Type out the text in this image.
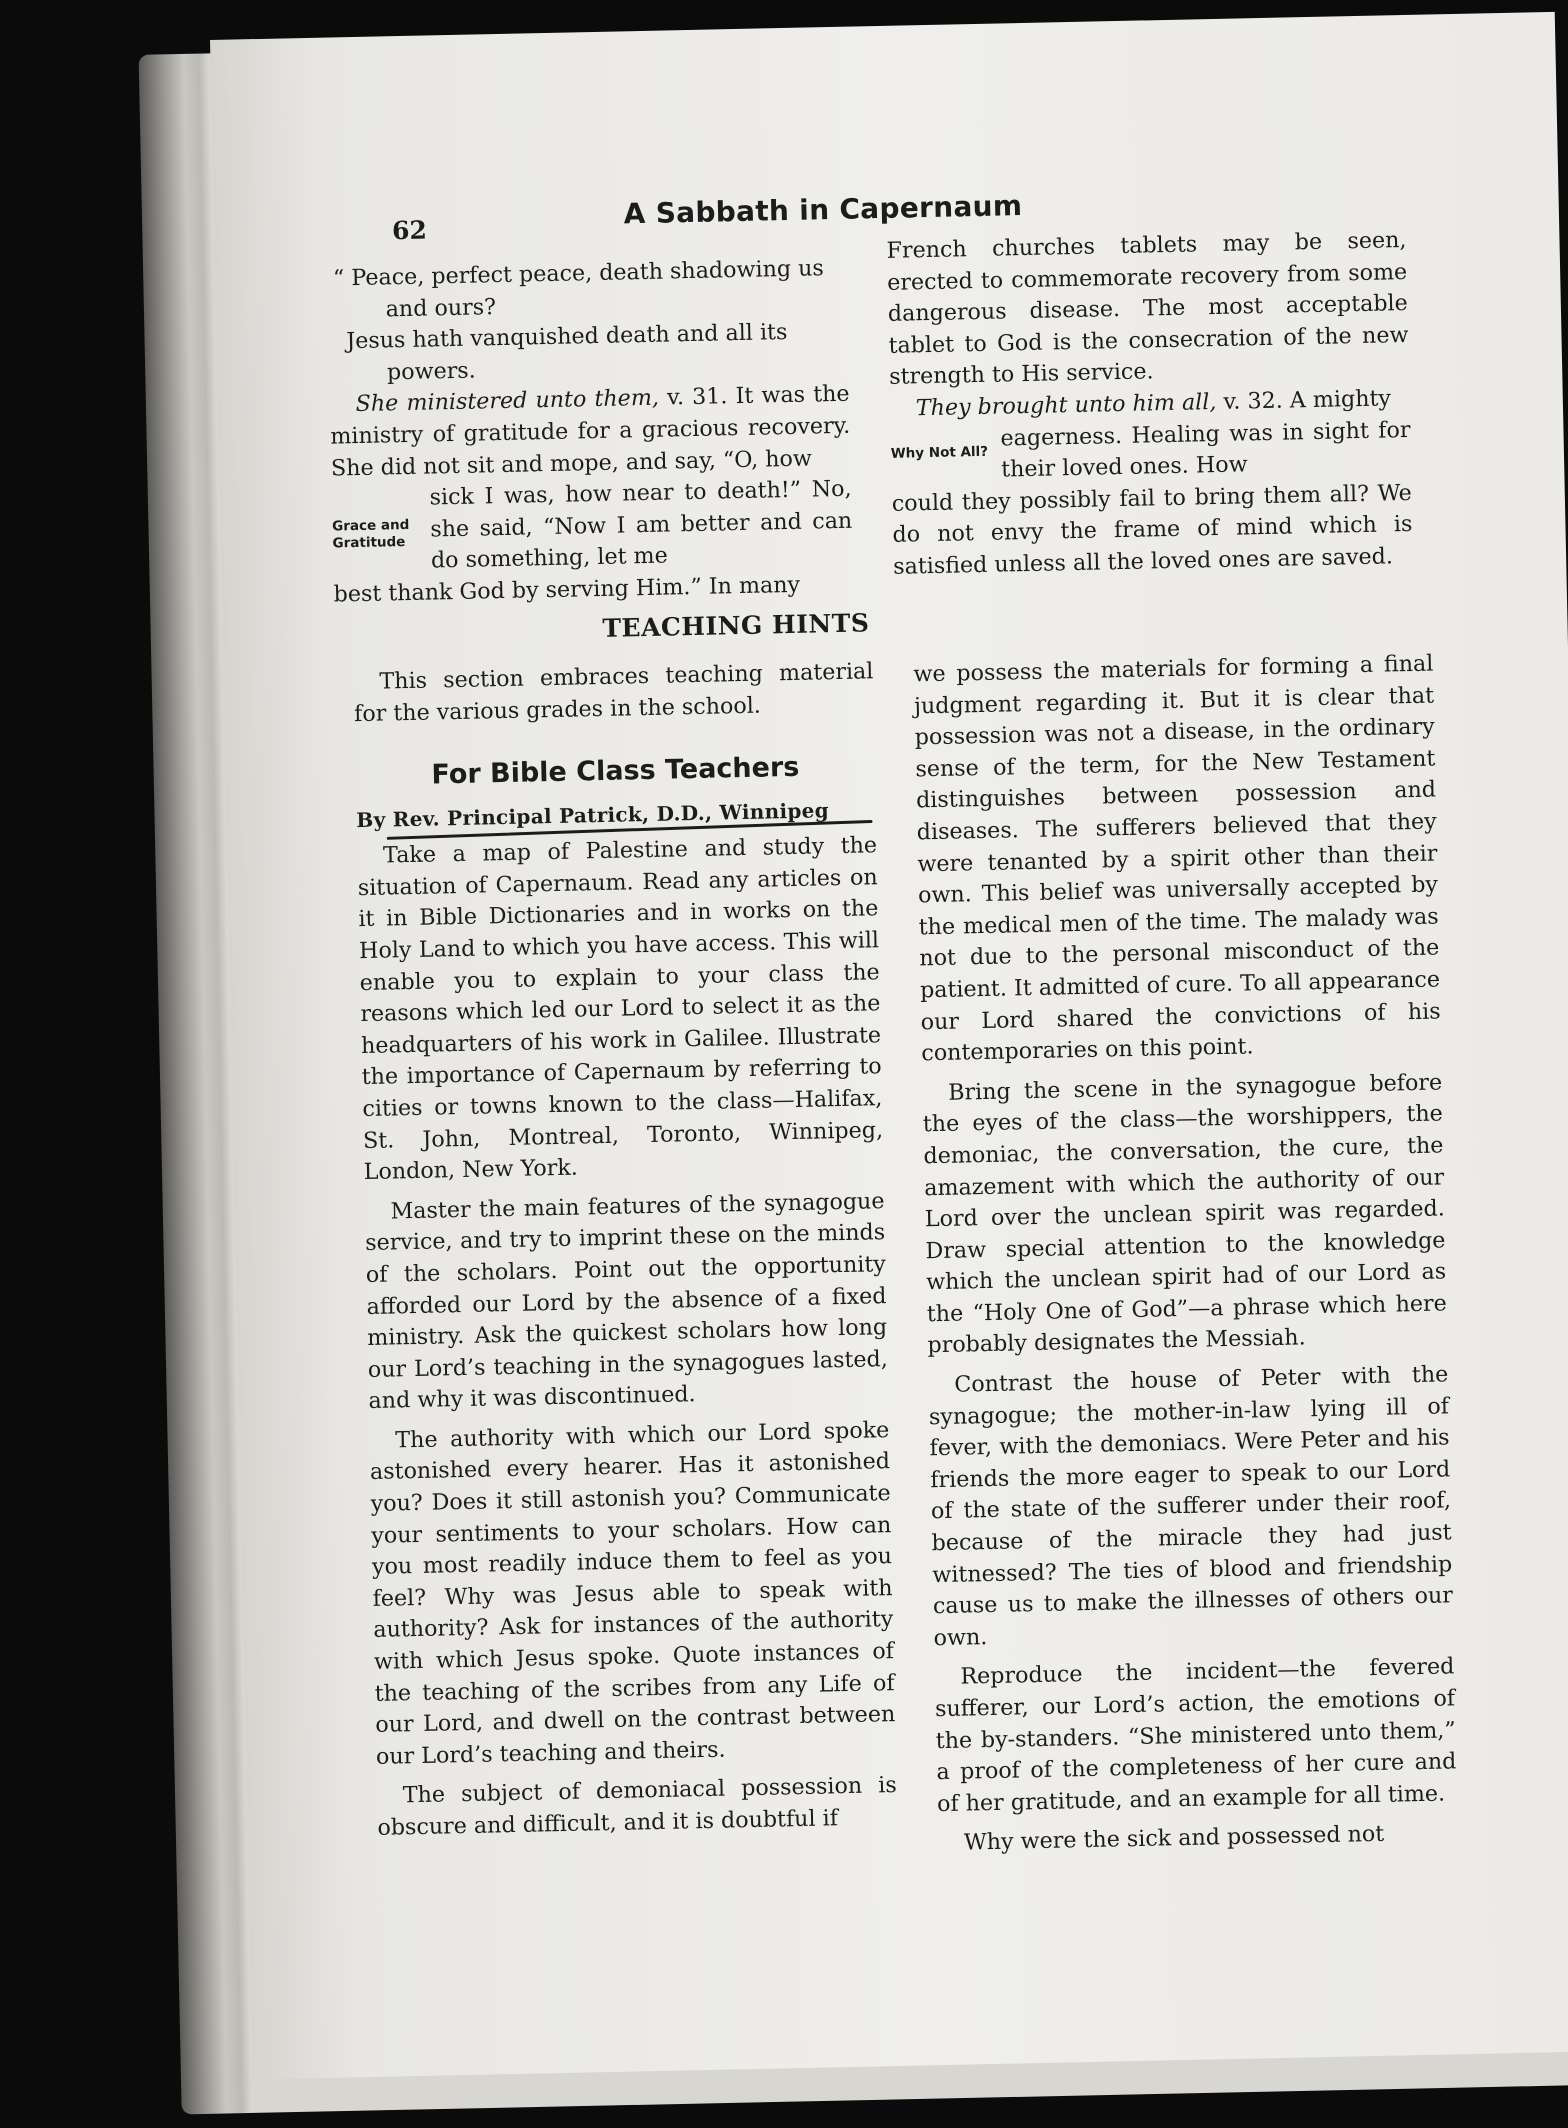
62	A Sabbath in Capernaum
“ Peace, perfect peace, death shadowing us
and ours?
Jesus hath vanquished death and all its
powers.

She ministered unto them, v. 31. It was the ministry of gratitude for a gracious recovery. She did not sit and mope, and say, “O, how

Grace and Gratitude
sick I was, how near to death!” No, she said, “Now I am better and can do something, let me

best thank God by serving Him.” In many

French churches tablets may be seen, erected to commemorate recovery from some dangerous disease. The most acceptable tablet to God is the consecration of the new strength to His service.

They brought unto him all, v. 32. A mighty

Why Not All?
eagerness. Healing was in sight for their loved ones. How

could they possibly fail to bring them all? We do not envy the frame of mind which is satisfied unless all the loved ones are saved.

TEACHING HINTS

This section embraces teaching material for the various grades in the school.

For Bible Class Teachers
By Rev. Principal Patrick, D.D., Winnipeg

Take a map of Palestine and study the situation of Capernaum. Read any articles on it in Bible Dictionaries and in works on the Holy Land to which you have access. This will enable you to explain to your class the reasons which led our Lord to select it as the headquarters of his work in Galilee. Illustrate the importance of Capernaum by referring to cities or towns known to the class—Halifax, St. John, Montreal, Toronto, Winnipeg, London, New York.

Master the main features of the synagogue service, and try to imprint these on the minds of the scholars. Point out the opportunity afforded our Lord by the absence of a fixed ministry. Ask the quickest scholars how long our Lord’s teaching in the synagogues lasted, and why it was discontinued.

The authority with which our Lord spoke astonished every hearer. Has it astonished you? Does it still astonish you? Communicate your sentiments to your scholars. How can you most readily induce them to feel as you feel? Why was Jesus able to speak with authority? Ask for instances of the authority with which Jesus spoke. Quote instances of the teaching of the scribes from any Life of our Lord, and dwell on the contrast between our Lord’s teaching and theirs.

The subject of demoniacal possession is obscure and difficult, and it is doubtful if

we possess the materials for forming a final judgment regarding it. But it is clear that possession was not a disease, in the ordinary sense of the term, for the New Testament distinguishes between possession and diseases. The sufferers believed that they were tenanted by a spirit other than their own. This belief was universally accepted by the medical men of the time. The malady was not due to the personal misconduct of the patient. It admitted of cure. To all appearance our Lord shared the convictions of his contemporaries on this point.

Bring the scene in the synagogue before the eyes of the class—the worshippers, the demoniac, the conversation, the cure, the amazement with which the authority of our Lord over the unclean spirit was regarded. Draw special attention to the knowledge which the unclean spirit had of our Lord as the “Holy One of God”—a phrase which here probably designates the Messiah.

Contrast the house of Peter with the synagogue; the mother-in-law lying ill of fever, with the demoniacs. Were Peter and his friends the more eager to speak to our Lord of the state of the sufferer under their roof, because of the miracle they had just witnessed? The ties of blood and friendship cause us to make the illnesses of others our own.

Reproduce the incident—the fevered sufferer, our Lord’s action, the emotions of the by-standers. “She ministered unto them,” a proof of the completeness of her cure and of her gratitude, and an example for all time.

Why were the sick and possessed not
